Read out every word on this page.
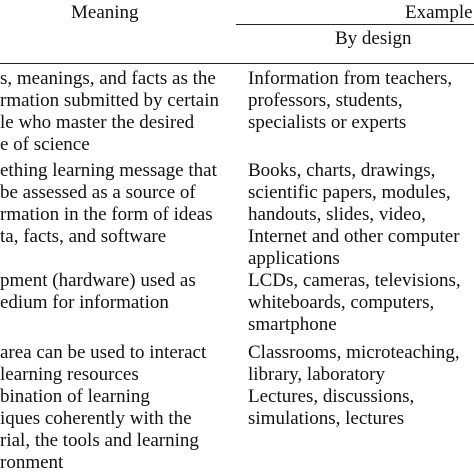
Meaning	Example
By design
s, meanings, and facts as the
rmation submitted by certain
le who master the desired
e of science
Information from teachers,
professors, students,
specialists or experts
ething learning message that
be assessed as a source of
rmation in the form of ideas
ta, facts, and software
Books, charts, drawings,
scientific papers, modules,
handouts, slides, video,
Internet and other computer
applications
pment (hardware) used as
edium for information
LCDs, cameras, televisions,
whiteboards, computers,
smartphone
area can be used to interact
learning resources
Classrooms, microteaching,
library, laboratory
bination of learning
iques coherently with the
rial, the tools and learning
ronment
Lectures, discussions,
simulations, lectures
